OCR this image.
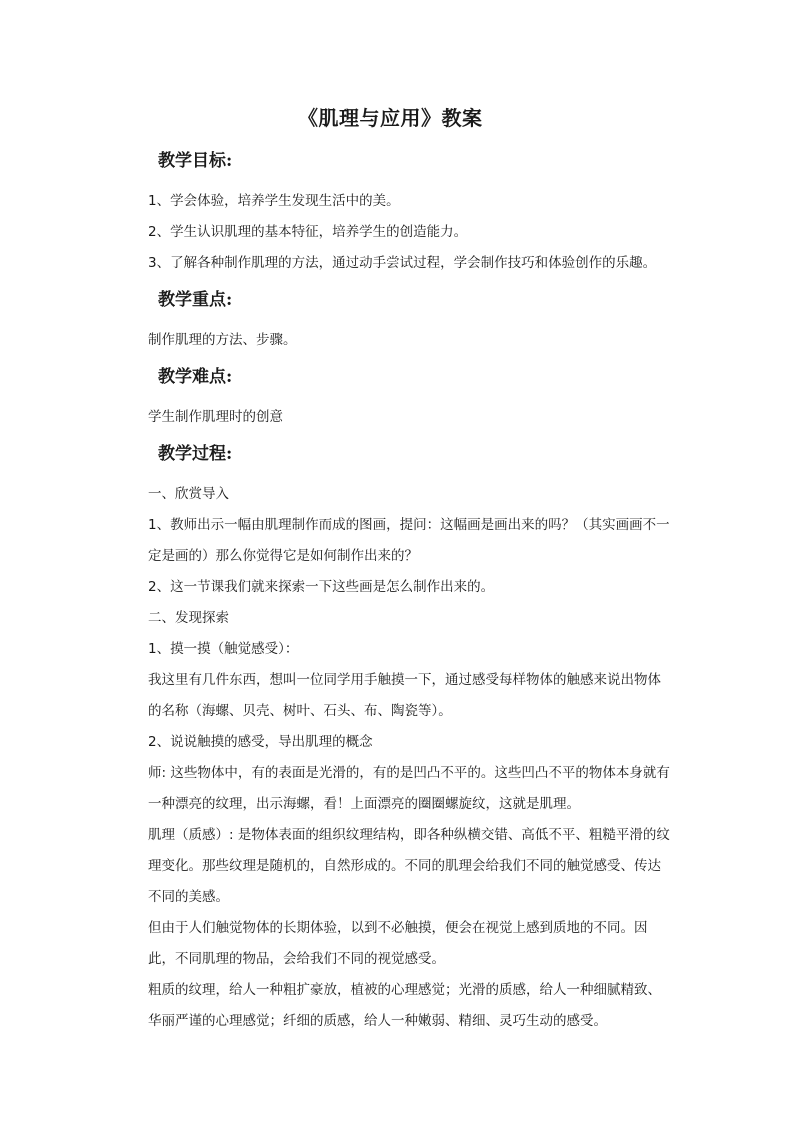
《肌理与应用》教案
教学目标:

1、学会体验，培养学生发现生活中的美。

2、学生认识肌理的基本特征，培养学生的创造能力。

3、了解各种制作肌理的方法，通过动手尝试过程，学会制作技巧和体验创作的乐趣。

教学重点:

制作肌理的方法、步骤。

教学难点:

学生制作肌理时的创意

教学过程:

一、欣赏导入

1、教师出示一幅由肌理制作而成的图画，提问：这幅画是画出来的吗？（其实画画不一定是画的）那么你觉得它是如何制作出来的？

2、这一节课我们就来探索一下这些画是怎么制作出来的。

二、发现探索

1、摸一摸（触觉感受）：

我这里有几件东西，想叫一位同学用手触摸一下，通过感受每样物体的触感来说出物体的名称（海螺、贝壳、树叶、石头、布、陶瓷等）。

2、说说触摸的感受，导出肌理的概念

师: 这些物体中，有的表面是光滑的，有的是凹凸不平的。这些凹凸不平的物体本身就有一种漂亮的纹理，出示海螺，看！上面漂亮的圈圈螺旋纹，这就是肌理。

肌理（质感）: 是物体表面的组织纹理结构，即各种纵横交错、高低不平、粗糙平滑的纹理变化。那些纹理是随机的，自然形成的。不同的肌理会给我们不同的触觉感受、传达不同的美感。

但由于人们触觉物体的长期体验，以到不必触摸，便会在视觉上感到质地的不同。因此，不同肌理的物品，会给我们不同的视觉感受。

粗质的纹理，给人一种粗扩豪放，植被的心理感觉；光滑的质感，给人一种细腻精致、华丽严谨的心理感觉；纤细的质感，给人一种嫩弱、精细、灵巧生动的感受。
